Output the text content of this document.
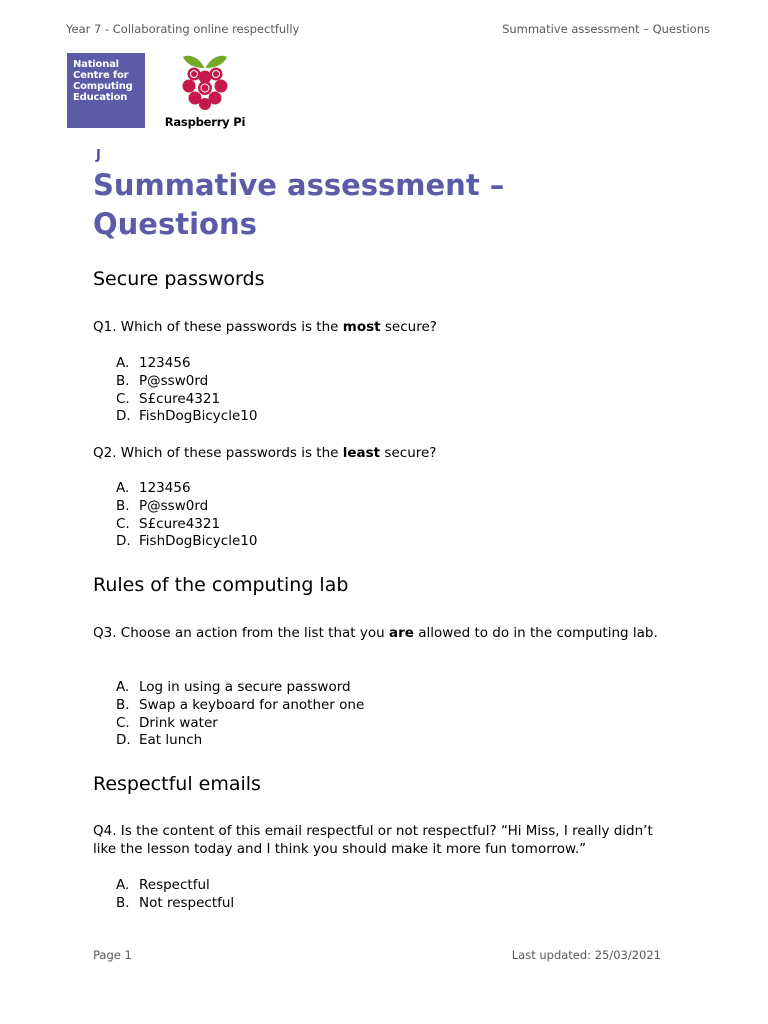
Year 7 - Collaborating online respectfully	Summative assessment – Questions
National
Centre for
Computing
Education
Raspberry Pi
J
Summative assessment – Questions
Secure passwords

Q1. Which of these passwords is the most secure?

A. 123456
B. P@ssw0rd
C. S£cure4321
D. FishDogBicycle10

Q2. Which of these passwords is the least secure?

A. 123456
B. P@ssw0rd
C. S£cure4321
D. FishDogBicycle10
Rules of the computing lab

Q3. Choose an action from the list that you are allowed to do in the computing lab.

A. Log in using a secure password
B. Swap a keyboard for another one
C. Drink water
D. Eat lunch
Respectful emails

Q4. Is the content of this email respectful or not respectful? “Hi Miss, I really didn’t like the lesson today and I think you should make it more fun tomorrow.”

A. Respectful
B. Not respectful
Page 1	Last updated: 25/03/2021
